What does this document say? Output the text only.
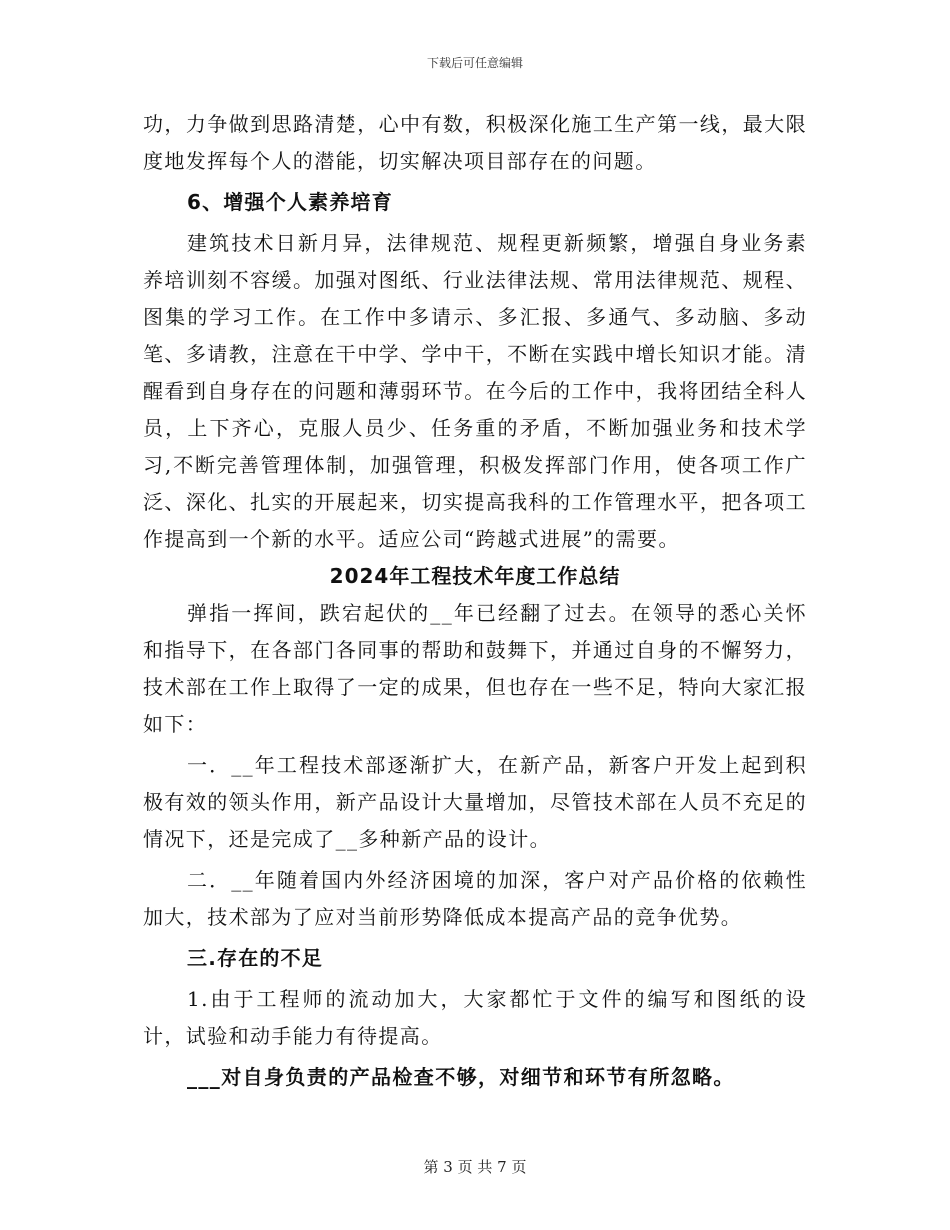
下载后可任意编辑

功，力争做到思路清楚，心中有数，积极深化施工生产第一线，最大限度地发挥每个人的潜能，切实解决项目部存在的问题。

6、增强个人素养培育

建筑技术日新月异，法律规范、规程更新频繁，增强自身业务素养培训刻不容缓。加强对图纸、行业法律法规、常用法律规范、规程、图集的学习工作。在工作中多请示、多汇报、多通气、多动脑、多动笔、多请教，注意在干中学、学中干，不断在实践中增长知识才能。清醒看到自身存在的问题和薄弱环节。在今后的工作中，我将团结全科人员，上下齐心，克服人员少、任务重的矛盾，不断加强业务和技术学习,不断完善管理体制，加强管理，积极发挥部门作用，使各项工作广泛、深化、扎实的开展起来，切实提高我科的工作管理水平，把各项工作提高到一个新的水平。适应公司“跨越式进展”的需要。

2024年工程技术年度工作总结

弹指一挥间，跌宕起伏的__年已经翻了过去。在领导的悉心关怀和指导下，在各部门各同事的帮助和鼓舞下，并通过自身的不懈努力，技术部在工作上取得了一定的成果，但也存在一些不足，特向大家汇报如下：

一．__年工程技术部逐渐扩大，在新产品，新客户开发上起到积极有效的领头作用，新产品设计大量增加，尽管技术部在人员不充足的情况下，还是完成了__多种新产品的设计。

二．__年随着国内外经济困境的加深，客户对产品价格的依赖性加大，技术部为了应对当前形势降低成本提高产品的竞争优势。

三.存在的不足

1.由于工程师的流动加大，大家都忙于文件的编写和图纸的设计，试验和动手能力有待提高。

___对自身负责的产品检查不够，对细节和环节有所忽略。

第 3 页 共 7 页
